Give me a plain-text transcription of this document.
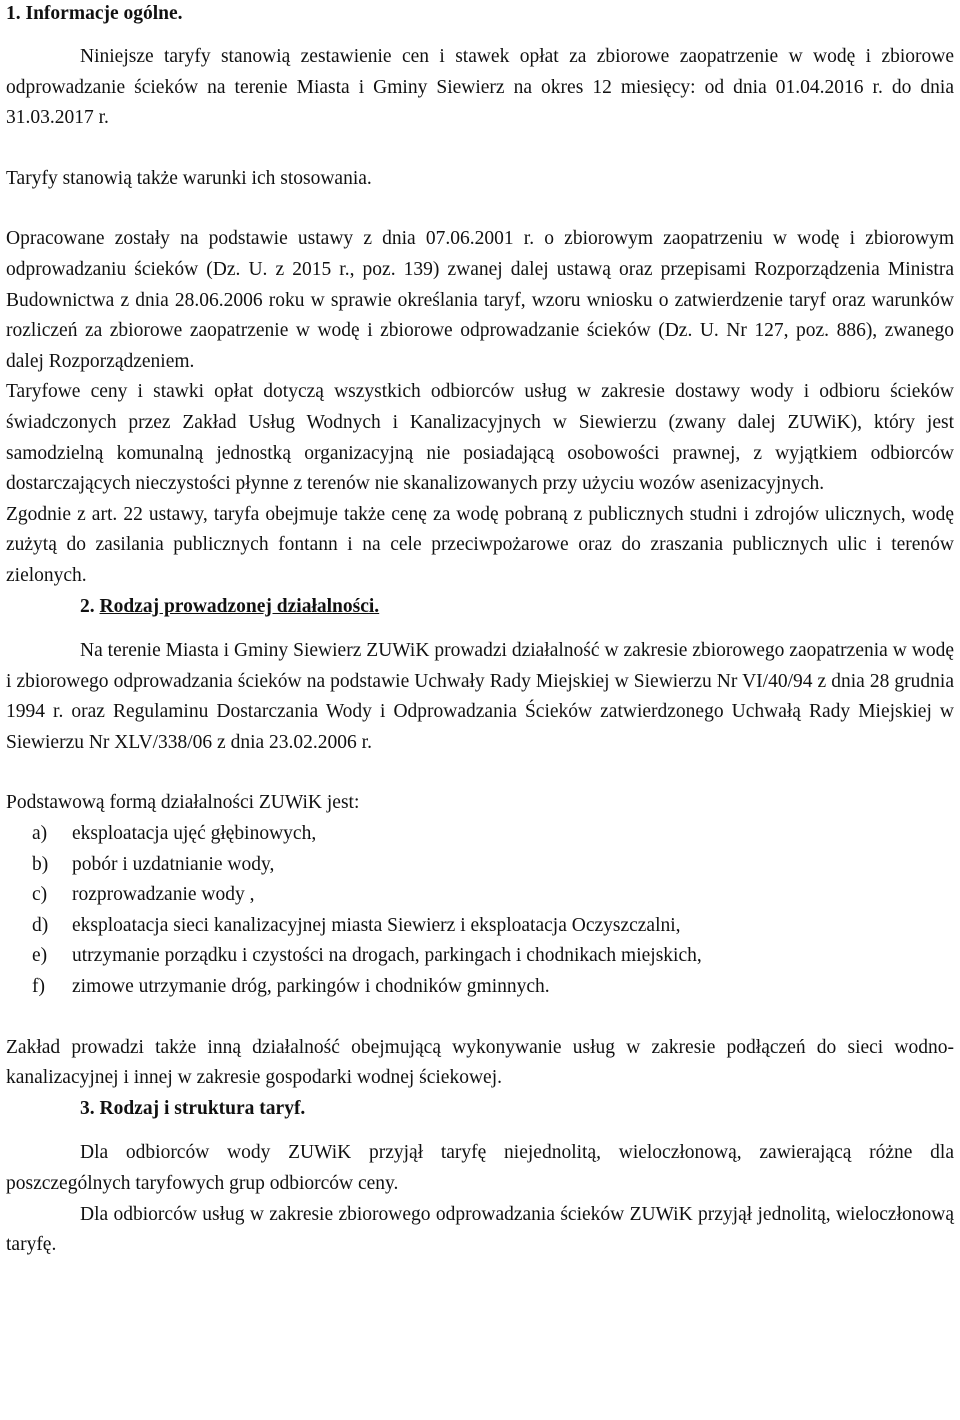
1. Informacje ogólne.

Niniejsze taryfy stanowią zestawienie cen i stawek opłat za zbiorowe zaopatrzenie w wodę i zbiorowe odprowadzanie ścieków na terenie Miasta i Gminy Siewierz na okres 12 miesięcy: od dnia 01.04.2016 r. do dnia 31.03.2017 r.

Taryfy stanowią także warunki ich stosowania.

Opracowane zostały na podstawie ustawy z dnia 07.06.2001 r. o zbiorowym zaopatrzeniu w wodę i zbiorowym odprowadzaniu ścieków (Dz. U. z 2015 r., poz. 139) zwanej dalej ustawą oraz przepisami Rozporządzenia Ministra Budownictwa z dnia 28.06.2006 roku w sprawie określania taryf, wzoru wniosku o zatwierdzenie taryf oraz warunków rozliczeń za zbiorowe zaopatrzenie w wodę i zbiorowe odprowadzanie ścieków (Dz. U. Nr 127, poz. 886), zwanego dalej Rozporządzeniem.

Taryfowe ceny i stawki opłat dotyczą wszystkich odbiorców usług w zakresie dostawy wody i odbioru ścieków świadczonych przez Zakład Usług Wodnych i Kanalizacyjnych w Siewierzu (zwany dalej ZUWiK), który jest samodzielną komunalną jednostką organizacyjną nie posiadającą osobowości prawnej, z wyjątkiem odbiorców dostarczających nieczystości płynne z terenów nie skanalizowanych przy użyciu wozów asenizacyjnych.

Zgodnie z art. 22 ustawy, taryfa obejmuje także cenę za wodę pobraną z publicznych studni i zdrojów ulicznych, wodę zużytą do zasilania publicznych fontann i na cele przeciwpożarowe oraz do zraszania publicznych ulic i terenów zielonych.

2. Rodzaj prowadzonej działalności.

Na terenie Miasta i Gminy Siewierz ZUWiK prowadzi działalność w zakresie zbiorowego zaopatrzenia w wodę i zbiorowego odprowadzania ścieków na podstawie Uchwały Rady Miejskiej w Siewierzu Nr VI/40/94 z dnia 28 grudnia 1994 r. oraz Regulaminu Dostarczania Wody i Odprowadzania Ścieków zatwierdzonego Uchwałą Rady Miejskiej w Siewierzu Nr XLV/338/06 z dnia 23.02.2006 r.

Podstawową formą działalności ZUWiK jest:

a)	eksploatacja ujęć głębinowych,
b)	pobór i uzdatnianie wody,
c)	rozprowadzanie wody ,
d)	eksploatacja sieci kanalizacyjnej miasta Siewierz i eksploatacja Oczyszczalni,
e)	utrzymanie porządku i czystości na drogach, parkingach i chodnikach miejskich,
f)	zimowe utrzymanie dróg, parkingów i chodników gminnych.

Zakład prowadzi także inną działalność obejmującą wykonywanie usług w zakresie podłączeń do sieci wodno-kanalizacyjnej i innej w zakresie gospodarki wodnej ściekowej.

3. Rodzaj i struktura taryf.

Dla odbiorców wody ZUWiK przyjął taryfę niejednolitą, wieloczłonową, zawierającą różne dla poszczególnych taryfowych grup odbiorców ceny.

Dla odbiorców usług w zakresie zbiorowego odprowadzania ścieków ZUWiK przyjął jednolitą, wieloczłonową taryfę.
